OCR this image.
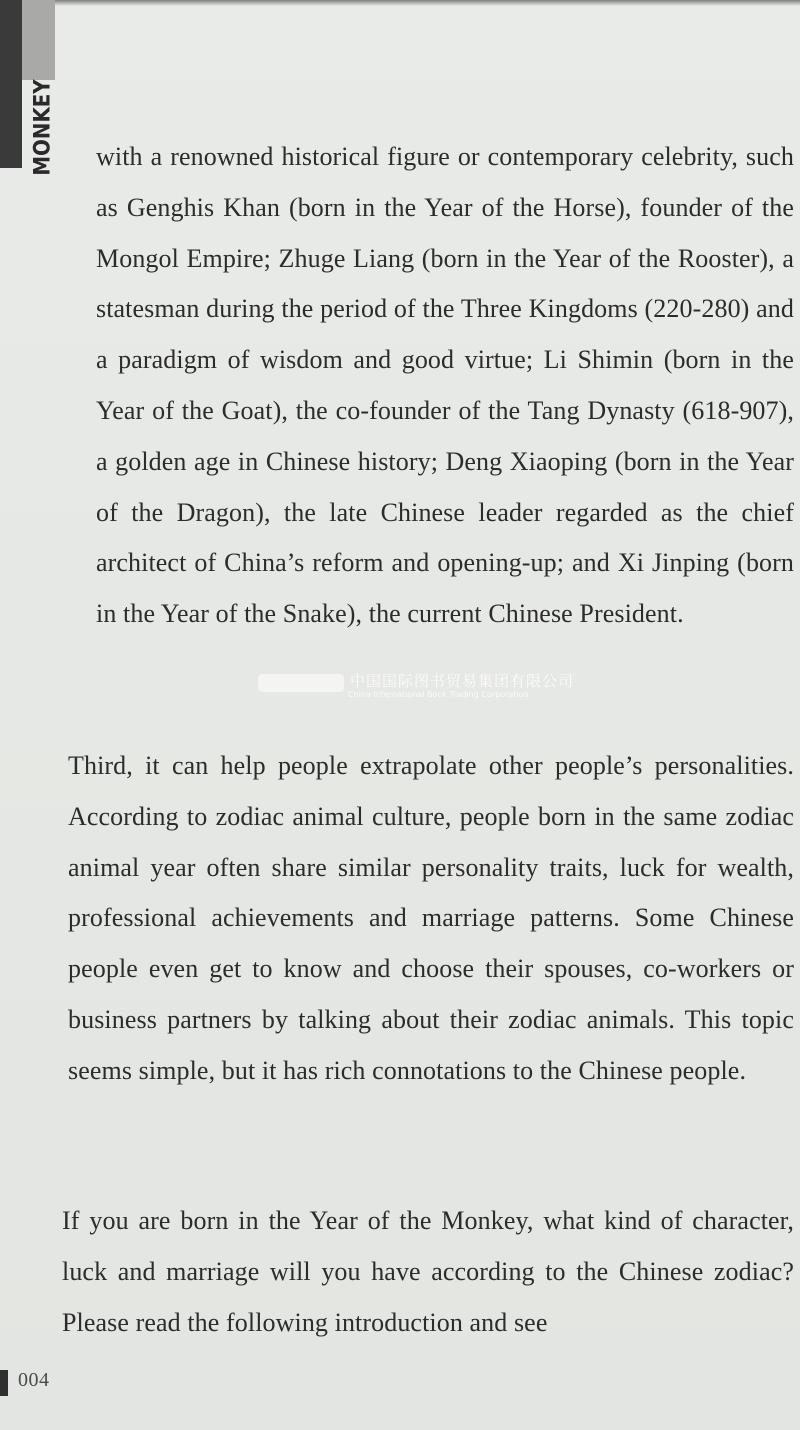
MONKEY with a renowned historical figure or contemporary celebrity, such as Genghis Khan (born in the Year of the Horse), founder of the Mongol Empire; Zhuge Liang (born in the Year of the Rooster), a statesman during the period of the Three Kingdoms (220-280) and a paradigm of wisdom and good virtue; Li Shimin (born in the Year of the Goat), the co-founder of the Tang Dynasty (618-907), a golden age in Chinese history; Deng Xiaoping (born in the Year of the Dragon), the late Chinese leader regarded as the chief architect of China’s reform and opening-up; and Xi Jinping (born in the Year of the Snake), the current Chinese President.

中国国际图书贸易集团有限公司
China International Book Trading Corporation

Third, it can help people extrapolate other people’s personalities. According to zodiac animal culture, people born in the same zodiac animal year often share similar personality traits, luck for wealth, professional achievements and marriage patterns. Some Chinese people even get to know and choose their spouses, co-workers or business partners by talking about their zodiac animals. This topic seems simple, but it has rich connotations to the Chinese people.

If you are born in the Year of the Monkey, what kind of character, luck and marriage will you have according to the Chinese zodiac? Please read the following introduction and see

004
